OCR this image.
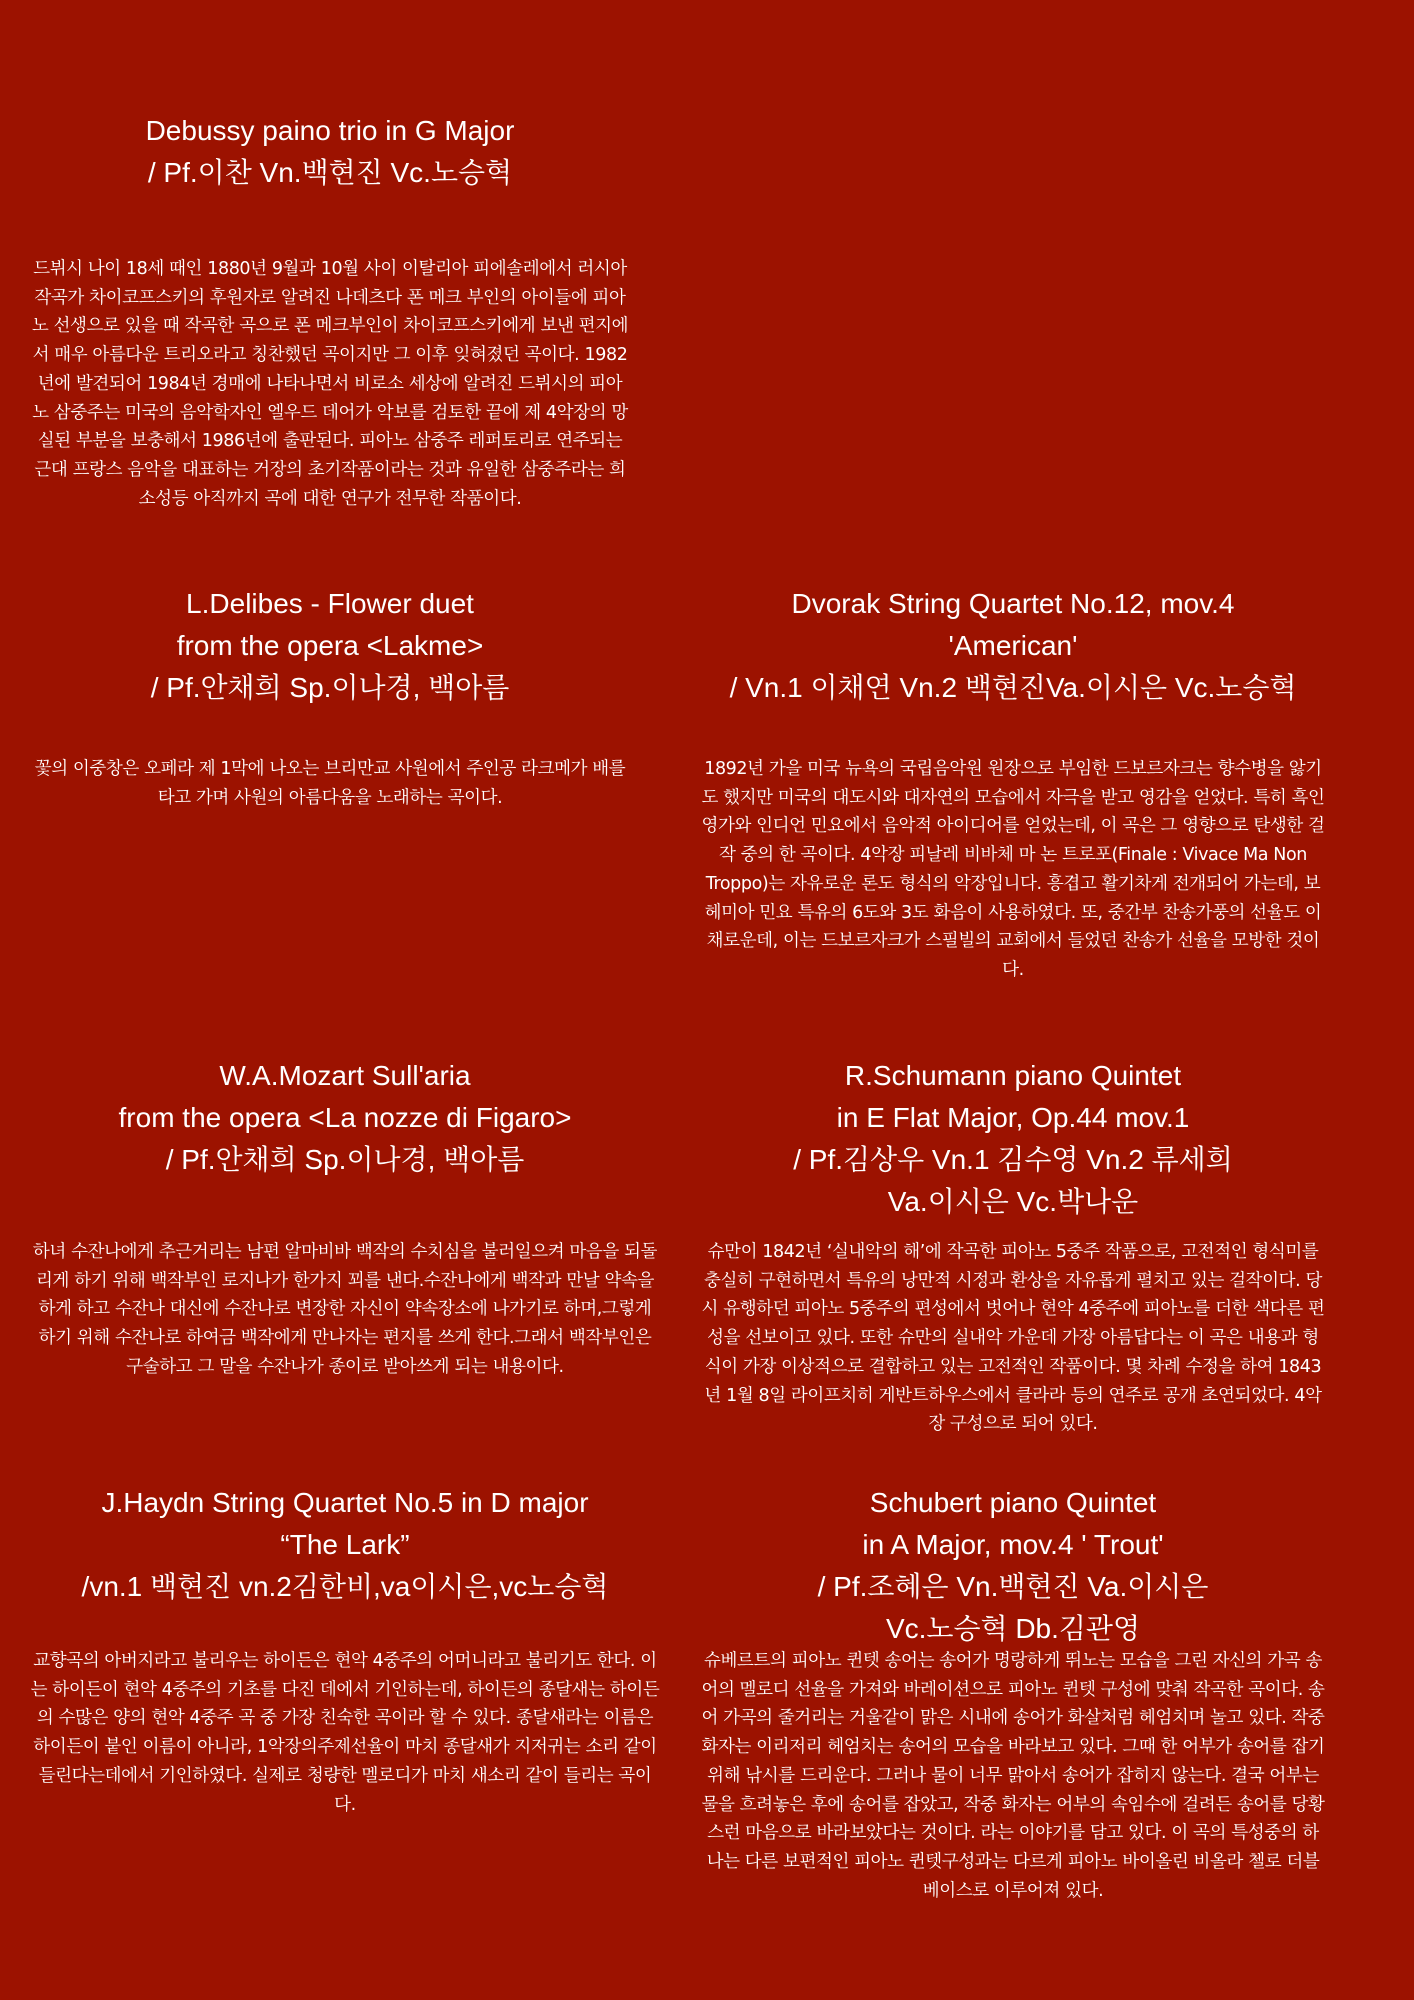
Debussy paino trio in G Major
/ Pf.이찬 Vn.백현진 Vc.노승혁

드뷔시 나이 18세 때인 1880년 9월과 10월 사이 이탈리아 피에솔레에서 러시아 작곡가 차이코프스키의 후원자로 알려진 나데츠다 폰 메크 부인의 아이들에 피아노 선생으로 있을 때 작곡한 곡으로 폰 메크부인이 차이코프스키에게 보낸 편지에서 매우 아름다운 트리오라고 칭찬했던 곡이지만 그 이후 잊혀졌던 곡이다. 1982년에 발견되어 1984년 경매에 나타나면서 비로소 세상에 알려진 드뷔시의 피아노 삼중주는 미국의 음악학자인 엘우드 데어가 악보를 검토한 끝에 제 4악장의 망실된 부분을 보충해서 1986년에 출판된다. 피아노 삼중주 레퍼토리로 연주되는 근대 프랑스 음악을 대표하는 거장의 초기작품이라는 것과 유일한 삼중주라는 희소성등 아직까지 곡에 대한 연구가 전무한 작품이다.

L.Delibes - Flower duet
from the opera <Lakme>
/ Pf.안채희 Sp.이나경, 백아름

꽃의 이중창은 오페라 제 1막에 나오는 브리만교 사원에서 주인공 라크메가 배를 타고 가며 사원의 아름다움을 노래하는 곡이다.

Dvorak String Quartet No.12, mov.4
'American'
/ Vn.1 이채연 Vn.2 백현진Va.이시은 Vc.노승혁

1892년 가을 미국 뉴욕의 국립음악원 원장으로 부임한 드보르자크는 향수병을 앓기도 했지만 미국의 대도시와 대자연의 모습에서 자극을 받고 영감을 얻었다. 특히 흑인 영가와 인디언 민요에서 음악적 아이디어를 얻었는데, 이 곡은 그 영향으로 탄생한 걸작 중의 한 곡이다. 4악장 피날레 비바체 마 논 트로포(Finale : Vivace Ma Non Troppo)는 자유로운 론도 형식의 악장입니다. 흥겹고 활기차게 전개되어 가는데, 보헤미아 민요 특유의 6도와 3도 화음이 사용하였다. 또, 중간부 찬송가풍의 선율도 이채로운데, 이는 드보르자크가 스필빌의 교회에서 들었던 찬송가 선율을 모방한 것이다.

W.A.Mozart Sull'aria
from the opera <La nozze di Figaro>
/ Pf.안채희 Sp.이나경, 백아름

하녀 수잔나에게 추근거리는 남편 알마비바 백작의 수치심을 불러일으켜 마음을 되돌리게 하기 위해 백작부인 로지나가 한가지 꾀를 낸다.수잔나에게 백작과 만날 약속을 하게 하고 수잔나 대신에 수잔나로 변장한 자신이 약속장소에 나가기로 하며,그렇게 하기 위해 수잔나로 하여금 백작에게 만나자는 편지를 쓰게 한다.그래서 백작부인은 구술하고 그 말을 수잔나가 종이로 받아쓰게 되는 내용이다.

R.Schumann piano Quintet
in E Flat Major, Op.44 mov.1
/ Pf.김상우 Vn.1 김수영 Vn.2 류세희
Va.이시은 Vc.박나운

슈만이 1842년 ‘실내악의 해’에 작곡한 피아노 5중주 작품으로, 고전적인 형식미를 충실히 구현하면서 특유의 낭만적 시정과 환상을 자유롭게 펼치고 있는 걸작이다. 당시 유행하던 피아노 5중주의 편성에서 벗어나 현악 4중주에 피아노를 더한 색다른 편성을 선보이고 있다. 또한 슈만의 실내악 가운데 가장 아름답다는 이 곡은 내용과 형식이 가장 이상적으로 결합하고 있는 고전적인 작품이다. 몇 차례 수정을 하여 1843년 1월 8일 라이프치히 게반트하우스에서 클라라 등의 연주로 공개 초연되었다. 4악장 구성으로 되어 있다.

J.Haydn String Quartet No.5 in D major
“The Lark”
/vn.1 백현진 vn.2김한비,va이시은,vc노승혁

교향곡의 아버지라고 불리우는 하이든은 현악 4중주의 어머니라고 불리기도 한다. 이는 하이든이 현악 4중주의 기초를 다진 데에서 기인하는데, 하이든의 종달새는 하이든의 수많은 양의 현악 4중주 곡 중 가장 친숙한 곡이라 할 수 있다. 종달새라는 이름은 하이든이 붙인 이름이 아니라, 1악장의주제선율이 마치 종달새가 지저귀는 소리 같이 들린다는데에서 기인하였다. 실제로 청량한 멜로디가 마치 새소리 같이 들리는 곡이다.

Schubert piano Quintet
in A Major, mov.4 ' Trout'
/ Pf.조혜은 Vn.백현진 Va.이시은
Vc.노승혁 Db.김관영

슈베르트의 피아노 퀸텟 송어는 송어가 명랑하게 뛰노는 모습을 그린 자신의 가곡 송어의 멜로디 선율을 가져와 바레이션으로 피아노 퀸텟 구성에 맞춰 작곡한 곡이다. 송어 가곡의 줄거리는 거울같이 맑은 시내에 송어가 화살처럼 헤엄치며 놀고 있다. 작중 화자는 이리저리 헤엄치는 송어의 모습을 바라보고 있다. 그때 한 어부가 송어를 잡기 위해 낚시를 드리운다. 그러나 물이 너무 맑아서 송어가 잡히지 않는다. 결국 어부는 물을 흐려놓은 후에 송어를 잡았고, 작중 화자는 어부의 속임수에 걸려든 송어를 당황스런 마음으로 바라보았다는 것이다. 라는 이야기를 담고 있다. 이 곡의 특성중의 하나는 다른 보편적인 피아노 퀸텟구성과는 다르게 피아노 바이올린 비올라 첼로 더블베이스로 이루어져 있다.
